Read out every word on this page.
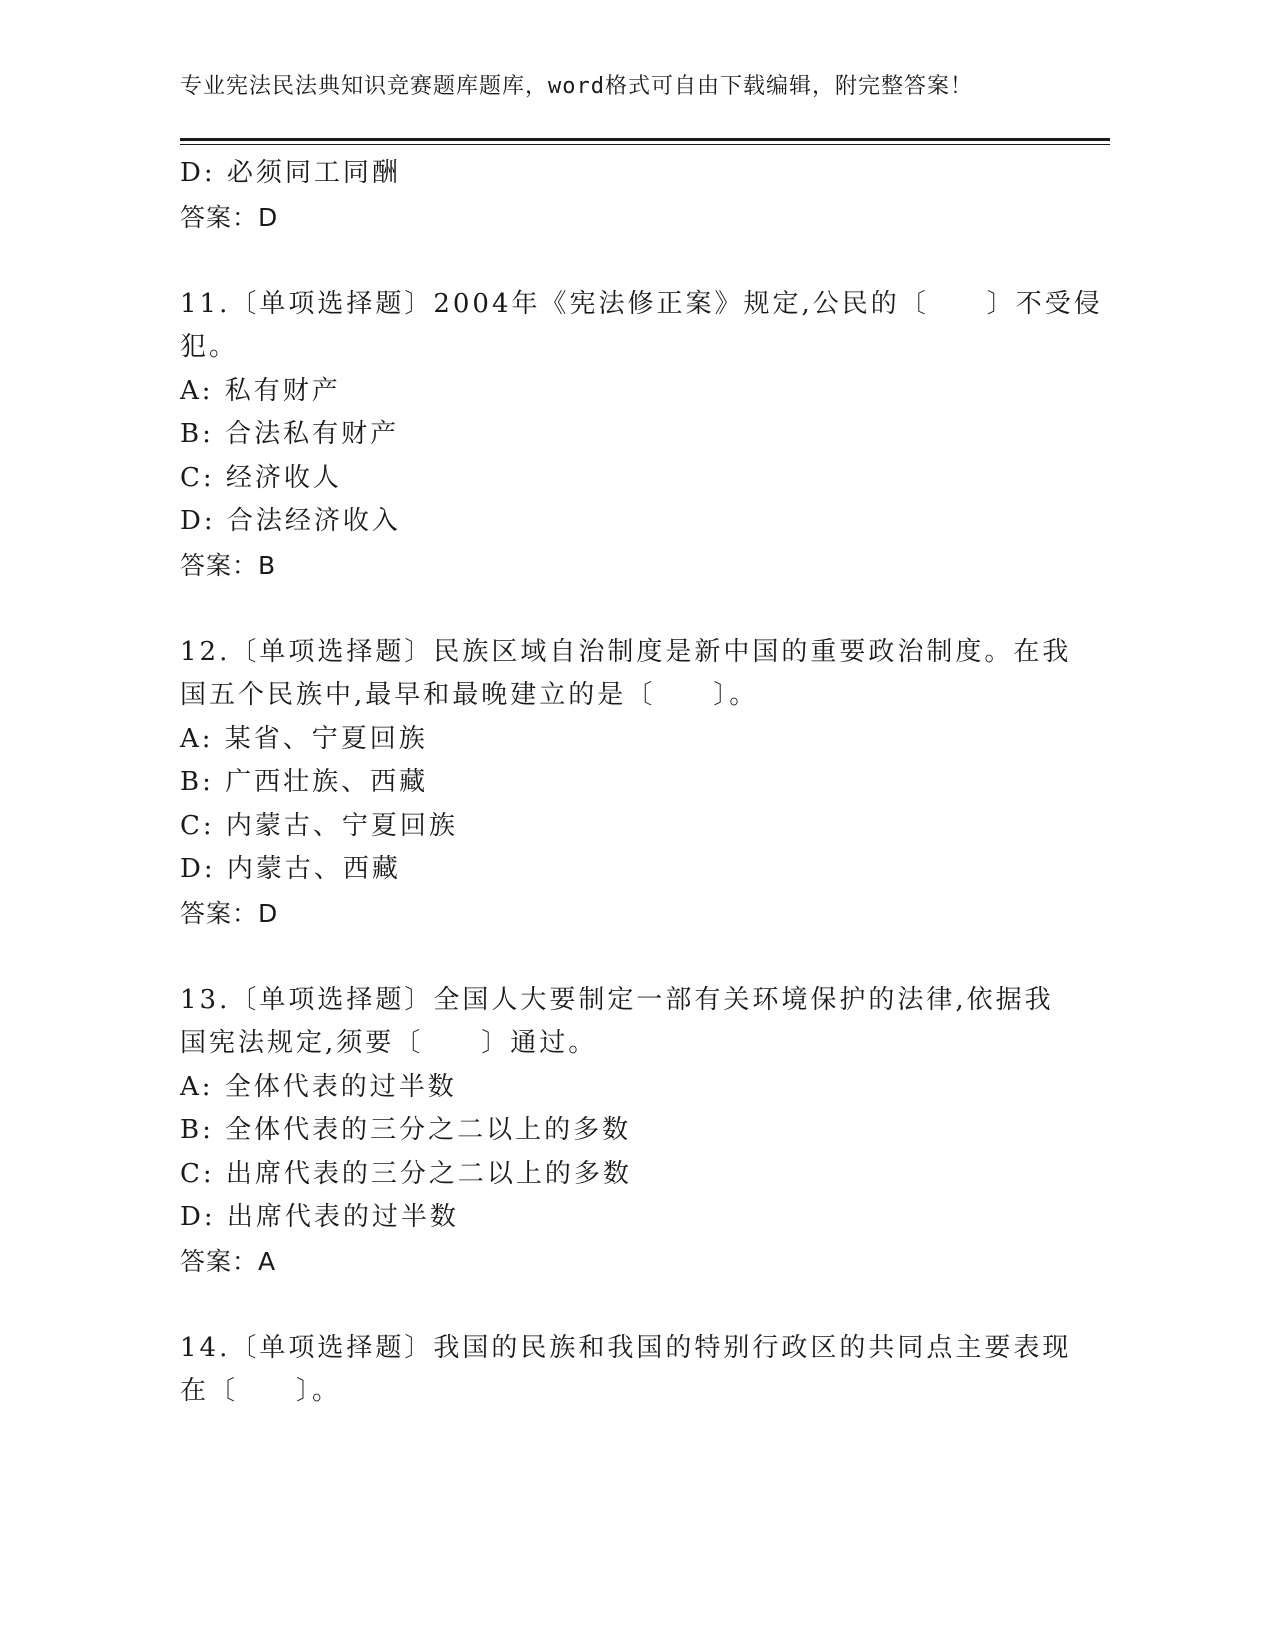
专业宪法民法典知识竞赛题库题库，word格式可自由下载编辑，附完整答案！
D: 必须同工同酬
答案：D
11.〔单项选择题〕2004年《宪法修正案》规定,公民的〔　　〕不受侵
犯。
A: 私有财产
B: 合法私有财产
C: 经济收人
D: 合法经济收入
答案：B
12.〔单项选择题〕民族区域自治制度是新中国的重要政治制度。在我
国五个民族中,最早和最晚建立的是〔　　〕。
A: 某省、宁夏回族
B: 广西壮族、西藏
C: 内蒙古、宁夏回族
D: 内蒙古、西藏
答案：D
13.〔单项选择题〕全国人大要制定一部有关环境保护的法律,依据我
国宪法规定,须要〔　　〕通过。
A: 全体代表的过半数
B: 全体代表的三分之二以上的多数
C: 出席代表的三分之二以上的多数
D: 出席代表的过半数
答案：A
14.〔单项选择题〕我国的民族和我国的特别行政区的共同点主要表现
在〔　　〕。
